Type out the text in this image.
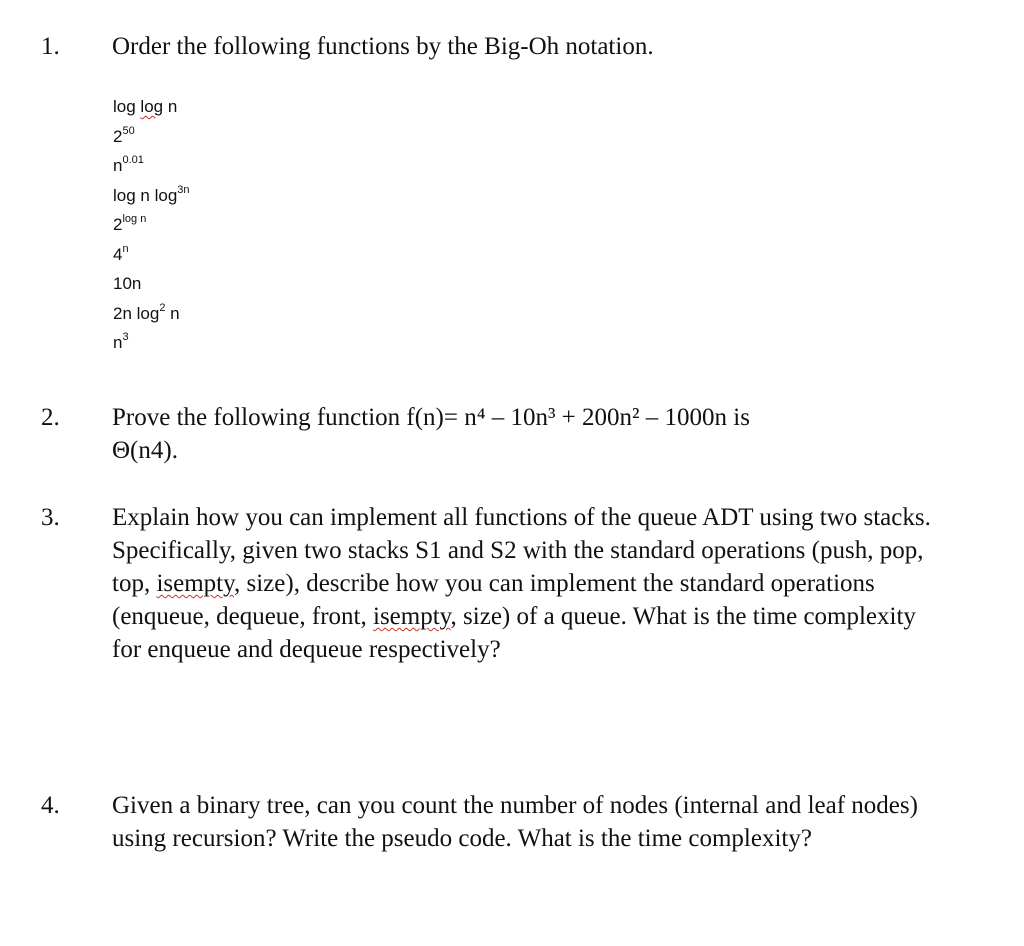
1. Order the following functions by the Big-Oh notation.

log log n
$2^{50}$
$n^{0.01}$
log n $\log^{3n}$
$2^{log n}$
4$^n$
10n
2n $\log^2 n$
$n^3$
2. Prove the following function f(n)= n⁴ – 10n³ + 200n² – 1000n is
Θ(n4).

3. Explain how you can implement all functions of the queue ADT using two stacks. Specifically, given two stacks S1 and S2 with the standard operations (push, pop, top, isempty, size), describe how you can implement the standard operations (enqueue, dequeue, front, isempty, size) of a queue. What is the time complexity for enqueue and dequeue respectively?

4. Given a binary tree, can you count the number of nodes (internal and leaf nodes) using recursion? Write the pseudo code. What is the time complexity?
